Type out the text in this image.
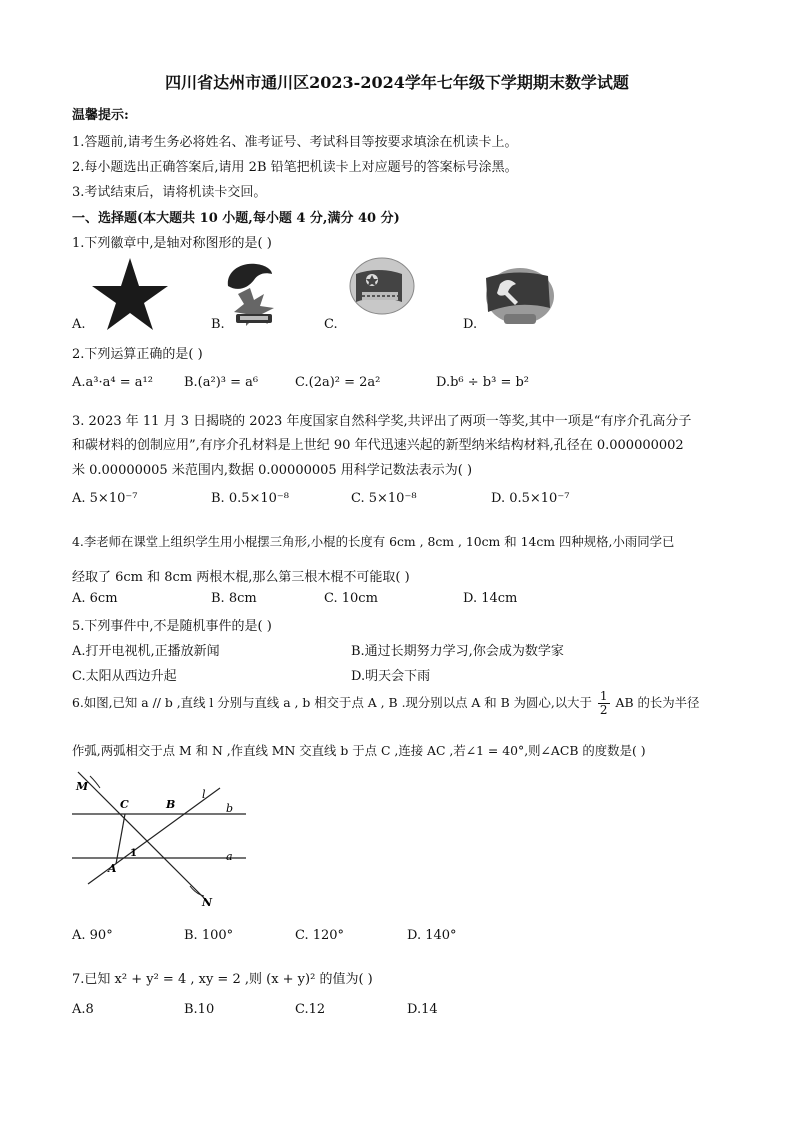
四川省达州市通川区2023-2024学年七年级下学期期末数学试题
温馨提示:
1.答题前,请考生务必将姓名、准考证号、考试科目等按要求填涂在机读卡上。
2.每小题选出正确答案后,请用 2B 铅笔把机读卡上对应题号的答案标号涂黑。
3.考试结束后，请将机读卡交回。
一、选择题(本大题共 10 小题,每小题 4 分,满分 40 分)
1.下列徽章中,是轴对称图形的是( )
A.	B.	C.	D.
2.下列运算正确的是( )
A.a³·a⁴ = a¹² B.(a²)³ = a⁶	C.(2a)² = 2a²	D.b⁶ ÷ b³ = b²
3. 2023 年 11 月 3 日揭晓的 2023 年度国家自然科学奖,共评出了两项一等奖,其中一项是“有序介孔高分子
和碳材料的创制应用”,有序介孔材料是上世纪 90 年代迅速兴起的新型纳米结构材料,孔径在 0.000000002
米 0.00000005 米范围内,数据 0.00000005 用科学记数法表示为( )
A. 5×10⁻⁷	B. 0.5×10⁻⁸	C. 5×10⁻⁸	D. 0.5×10⁻⁷
4.李老师在课堂上组织学生用小棍摆三角形,小棍的长度有 6cm , 8cm , 10cm 和 14cm 四种规格,小雨同学已
经取了 6cm 和 8cm 两根木棍,那么第三根木棍不可能取( )
A. 6cm	B. 8cm	C. 10cm	D. 14cm
5.下列事件中,不是随机事件的是( )
A.打开电视机,正播放新闻	B.通过长期努力学习,你会成为数学家
C.太阳从西边升起	D.明天会下雨
6.如图,已知 a // b ,直线 l 分别与直线 a , b 相交于点 A , B .现分别以点 A 和 B 为圆心,以大于 $\frac{1}{2}$ AB 的长为半径
作弧,两弧相交于点 M 和 N ,作直线 MN 交直线 b 于点 C ,连接 AC ,若∠1 = 40°,则∠ACB 的度数是( )
M
C	B
l
b
a
1
A
N
A. 90°	B. 100°	C. 120°	D. 140°
7.已知 x² + y² = 4 , xy = 2 ,则 (x + y)² 的值为( )
A.8	B.10	C.12	D.14
